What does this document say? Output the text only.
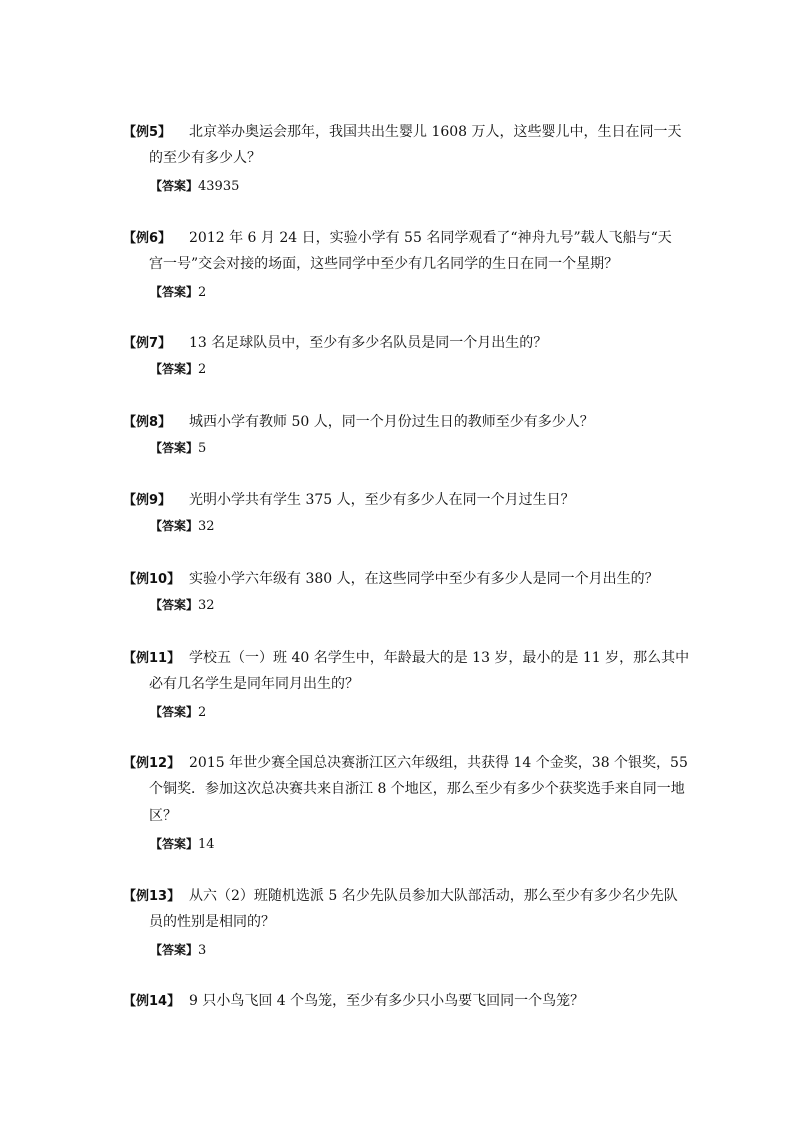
【例5】 北京举办奥运会那年，我国共出生婴儿 1608 万人，这些婴儿中，生日在同一天
的至少有多少人？
【答案】43935
【例6】 2012 年 6 月 24 日，实验小学有 55 名同学观看了“神舟九号”载人飞船与“天
宫一号”交会对接的场面，这些同学中至少有几名同学的生日在同一个星期？
【答案】2
【例7】 13 名足球队员中，至少有多少名队员是同一个月出生的？
【答案】2
【例8】 城西小学有教师 50 人，同一个月份过生日的教师至少有多少人？
【答案】5
【例9】 光明小学共有学生 375 人，至少有多少人在同一个月过生日？
【答案】32
【例10】 实验小学六年级有 380 人，在这些同学中至少有多少人是同一个月出生的？
【答案】32
【例11】 学校五（一）班 40 名学生中，年龄最大的是 13 岁，最小的是 11 岁，那么其中
必有几名学生是同年同月出生的？
【答案】2
【例12】 2015 年世少赛全国总决赛浙江区六年级组，共获得 14 个金奖，38 个银奖，55
个铜奖．参加这次总决赛共来自浙江 8 个地区，那么至少有多少个获奖选手来自同一地
区？
【答案】14
【例13】 从六（2）班随机选派 5 名少先队员参加大队部活动，那么至少有多少名少先队
员的性别是相同的？
【答案】3
【例14】 9 只小鸟飞回 4 个鸟笼，至少有多少只小鸟要飞回同一个鸟笼？
